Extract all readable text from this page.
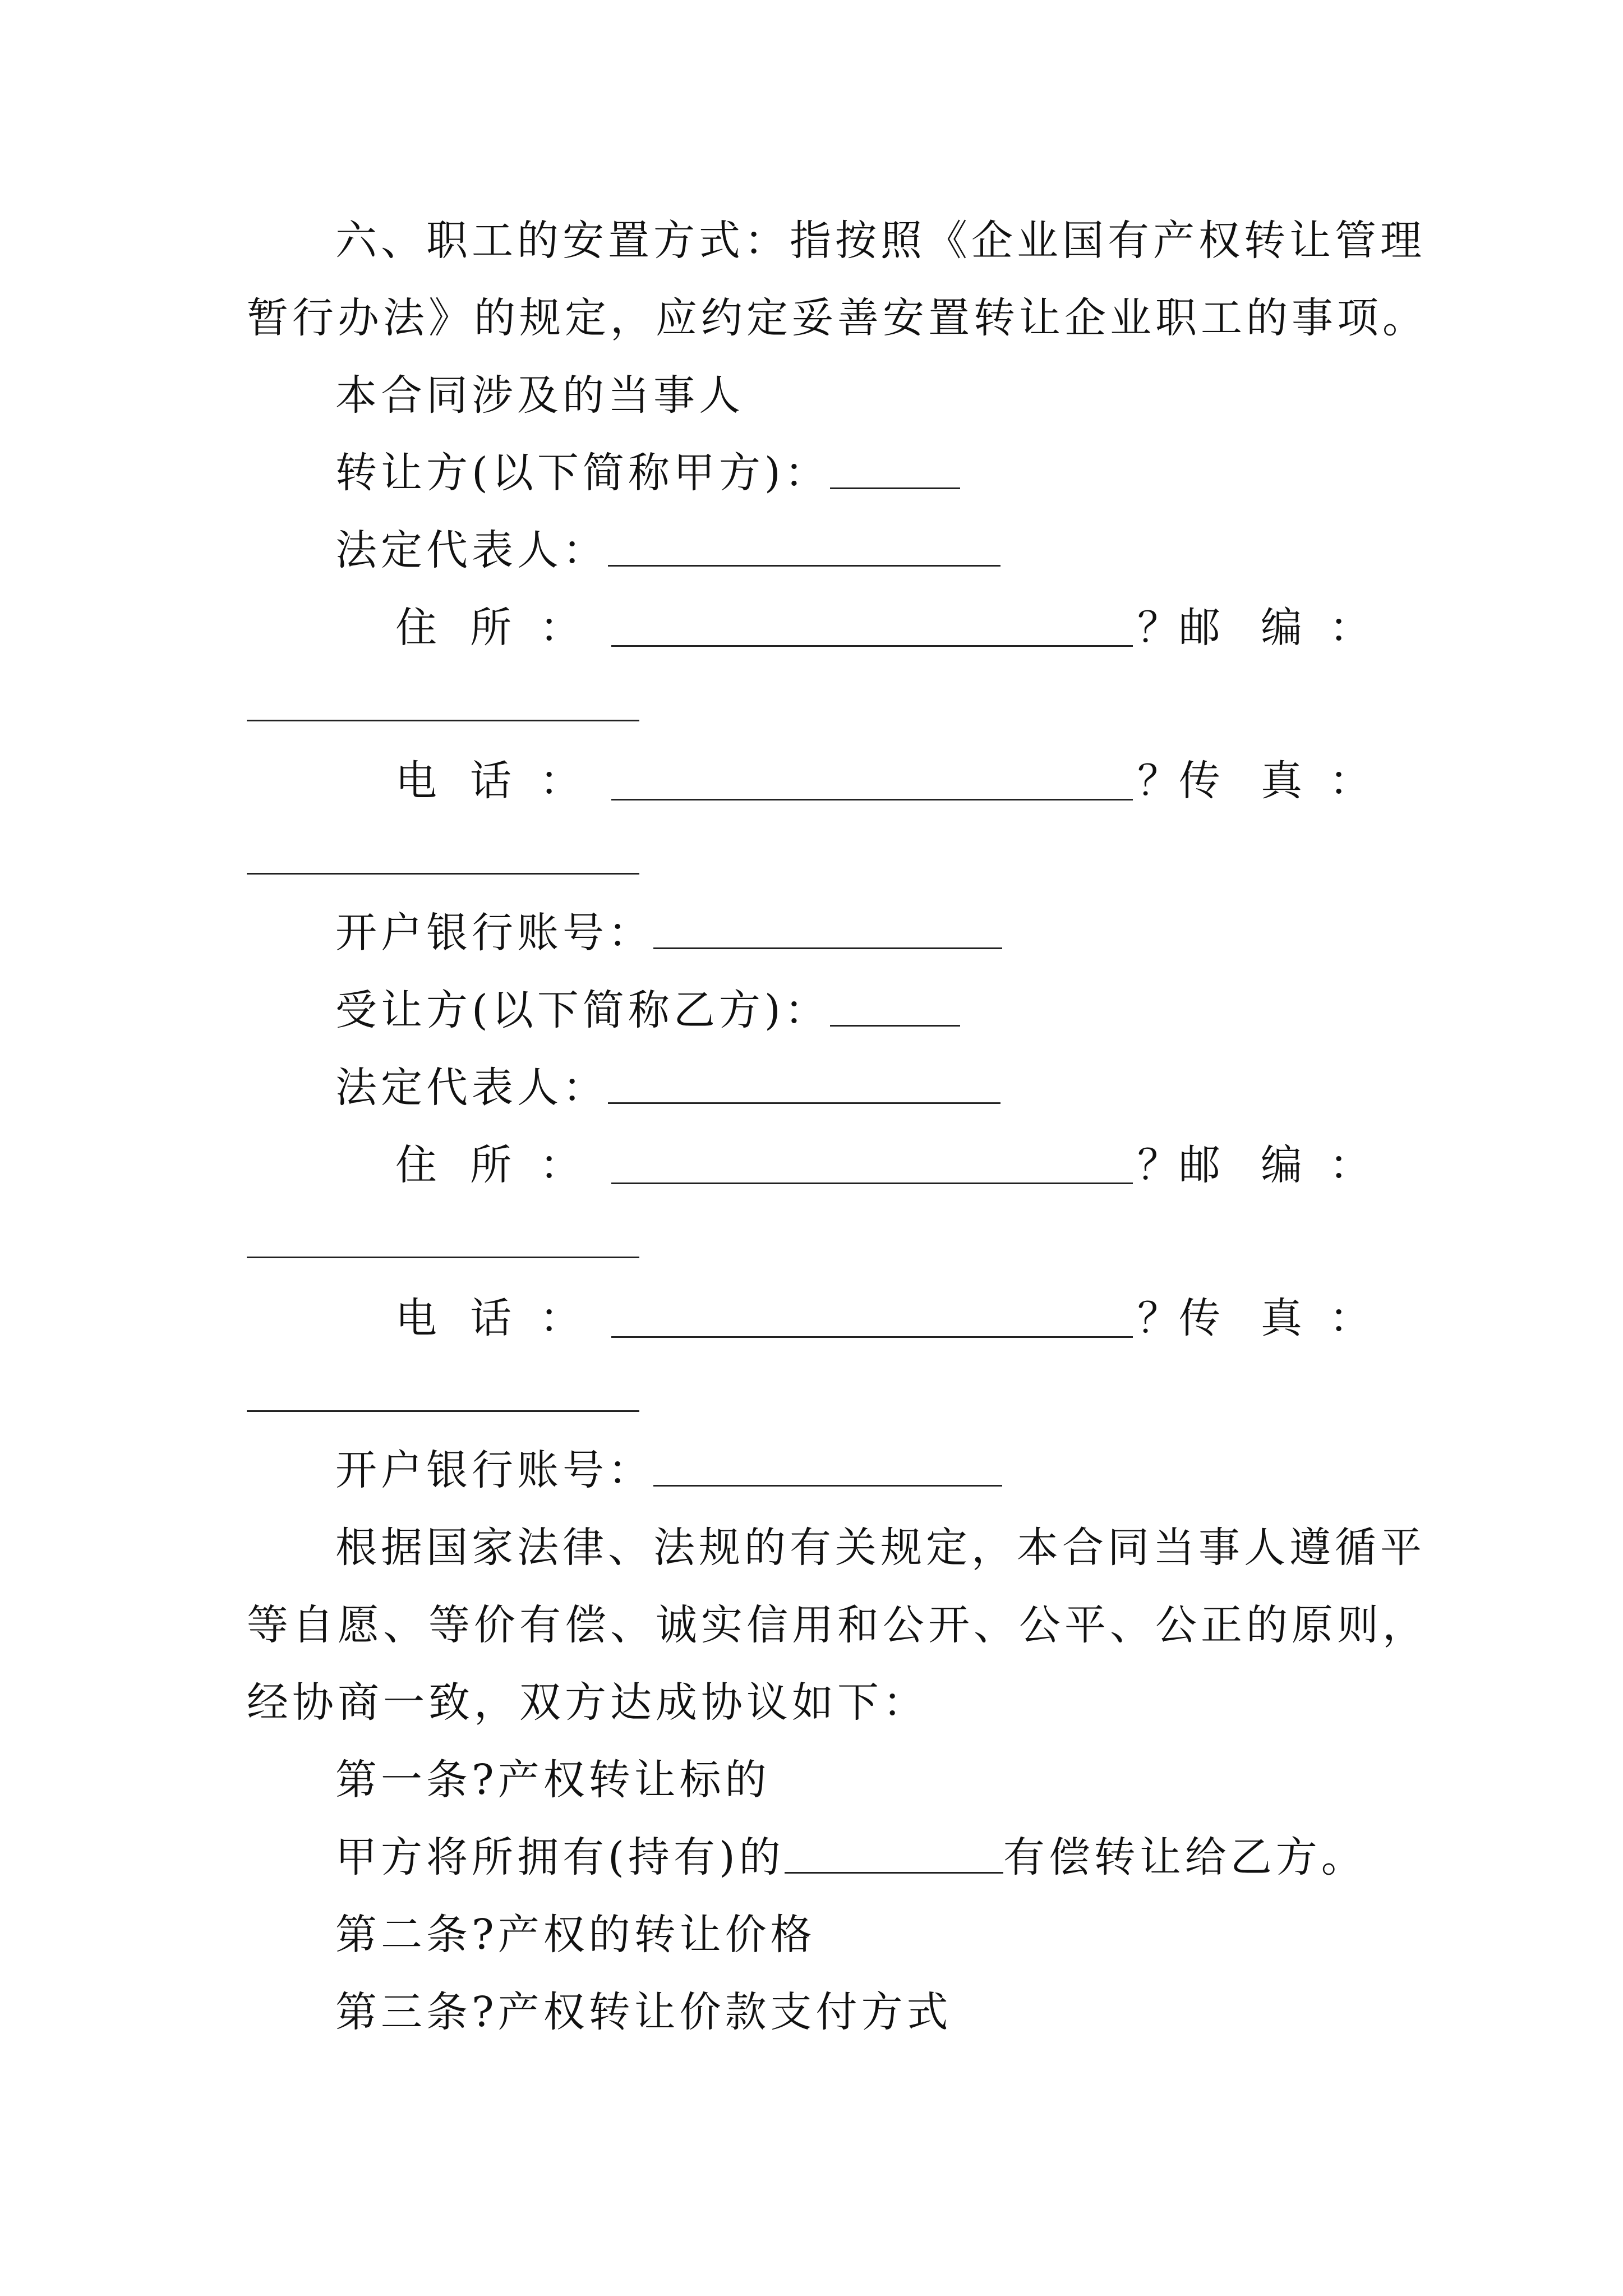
六、职工的安置方式：指按照《企业国有产权转让管理
暂行办法》的规定，应约定妥善安置转让企业职工的事项。
本合同涉及的当事人
转让方(以下简称甲方)：
法定代表人：
住 所 ：	？邮 编 ：
电 话 ：	？传 真 ：
开户银行账号：
受让方(以下简称乙方)：
法定代表人：
住 所 ：	？邮 编 ：
电 话 ：	？传 真 ：
开户银行账号：
根据国家法律、法规的有关规定，本合同当事人遵循平
等自愿、等价有偿、诚实信用和公开、公平、公正的原则，
经协商一致，双方达成协议如下：
第一条?产权转让标的
甲方将所拥有(持有)的	有偿转让给乙方。
第二条?产权的转让价格
第三条?产权转让价款支付方式
